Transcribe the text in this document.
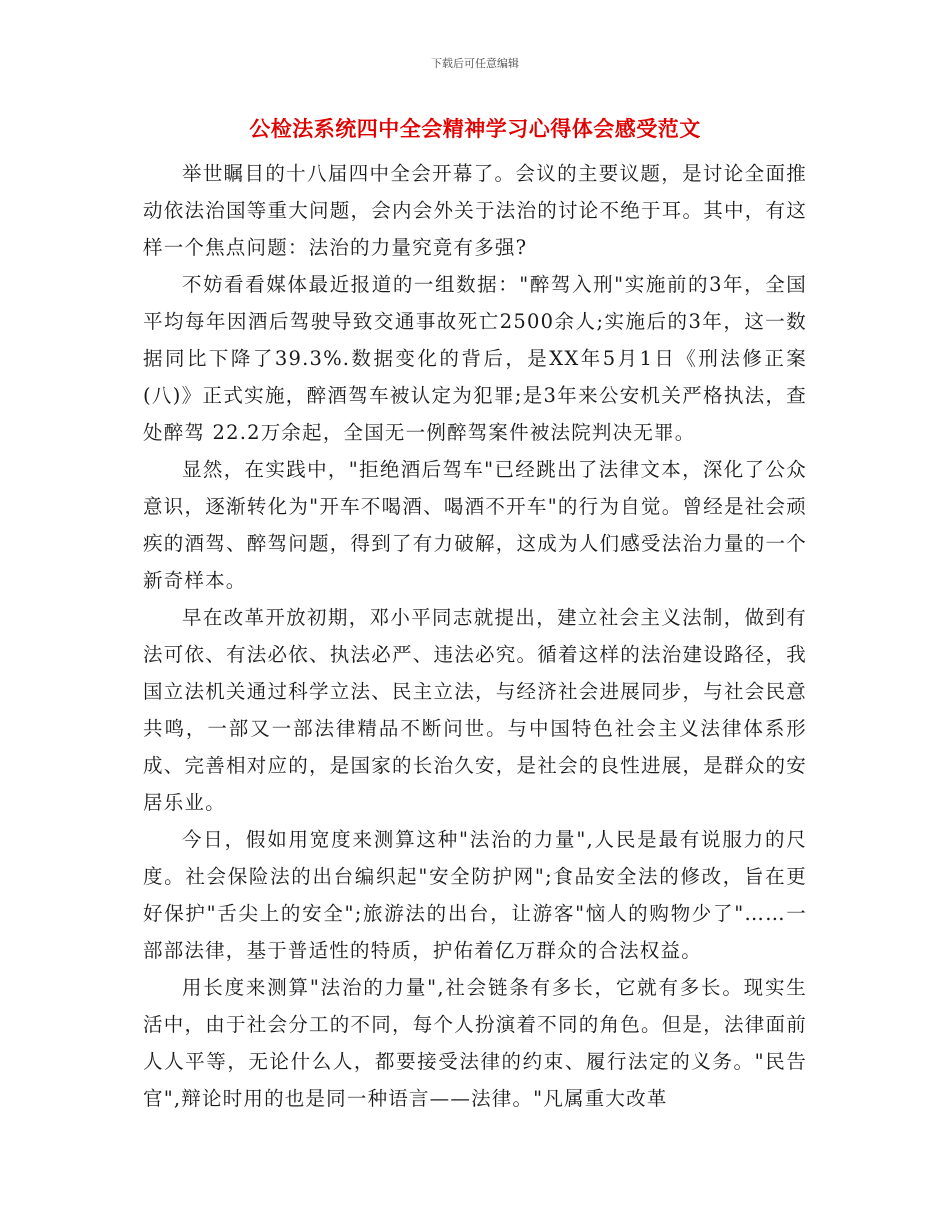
下载后可任意编辑
公检法系统四中全会精神学习心得体会感受范文

举世瞩目的十八届四中全会开幕了。会议的主要议题，是讨论全面推动依法治国等重大问题，会内会外关于法治的讨论不绝于耳。其中，有这样一个焦点问题：法治的力量究竟有多强?

不妨看看媒体最近报道的一组数据："醉驾入刑"实施前的3年，全国平均每年因酒后驾驶导致交通事故死亡2500余人;实施后的3年，这一数据同比下降了39.3%.数据变化的背后，是XX年5月1日《刑法修正案(八)》正式实施，醉酒驾车被认定为犯罪;是3年来公安机关严格执法，查处醉驾 22.2万余起，全国无一例醉驾案件被法院判决无罪。

显然，在实践中，"拒绝酒后驾车"已经跳出了法律文本，深化了公众意识，逐渐转化为"开车不喝酒、喝酒不开车"的行为自觉。曾经是社会顽疾的酒驾、醉驾问题，得到了有力破解，这成为人们感受法治力量的一个新奇样本。

早在改革开放初期，邓小平同志就提出，建立社会主义法制，做到有法可依、有法必依、执法必严、违法必究。循着这样的法治建设路径，我国立法机关通过科学立法、民主立法，与经济社会进展同步，与社会民意共鸣，一部又一部法律精品不断问世。与中国特色社会主义法律体系形成、完善相对应的，是国家的长治久安，是社会的良性进展，是群众的安居乐业。

今日，假如用宽度来测算这种"法治的力量",人民是最有说服力的尺度。社会保险法的出台编织起"安全防护网";食品安全法的修改，旨在更好保护"舌尖上的安全";旅游法的出台，让游客"恼人的购物少了"……一部部法律，基于普适性的特质，护佑着亿万群众的合法权益。

用长度来测算"法治的力量",社会链条有多长，它就有多长。现实生活中，由于社会分工的不同，每个人扮演着不同的角色。但是，法律面前人人平等，无论什么人，都要接受法律的约束、履行法定的义务。"民告官",辩论时用的也是同一种语言——法律。"凡属重大改革
